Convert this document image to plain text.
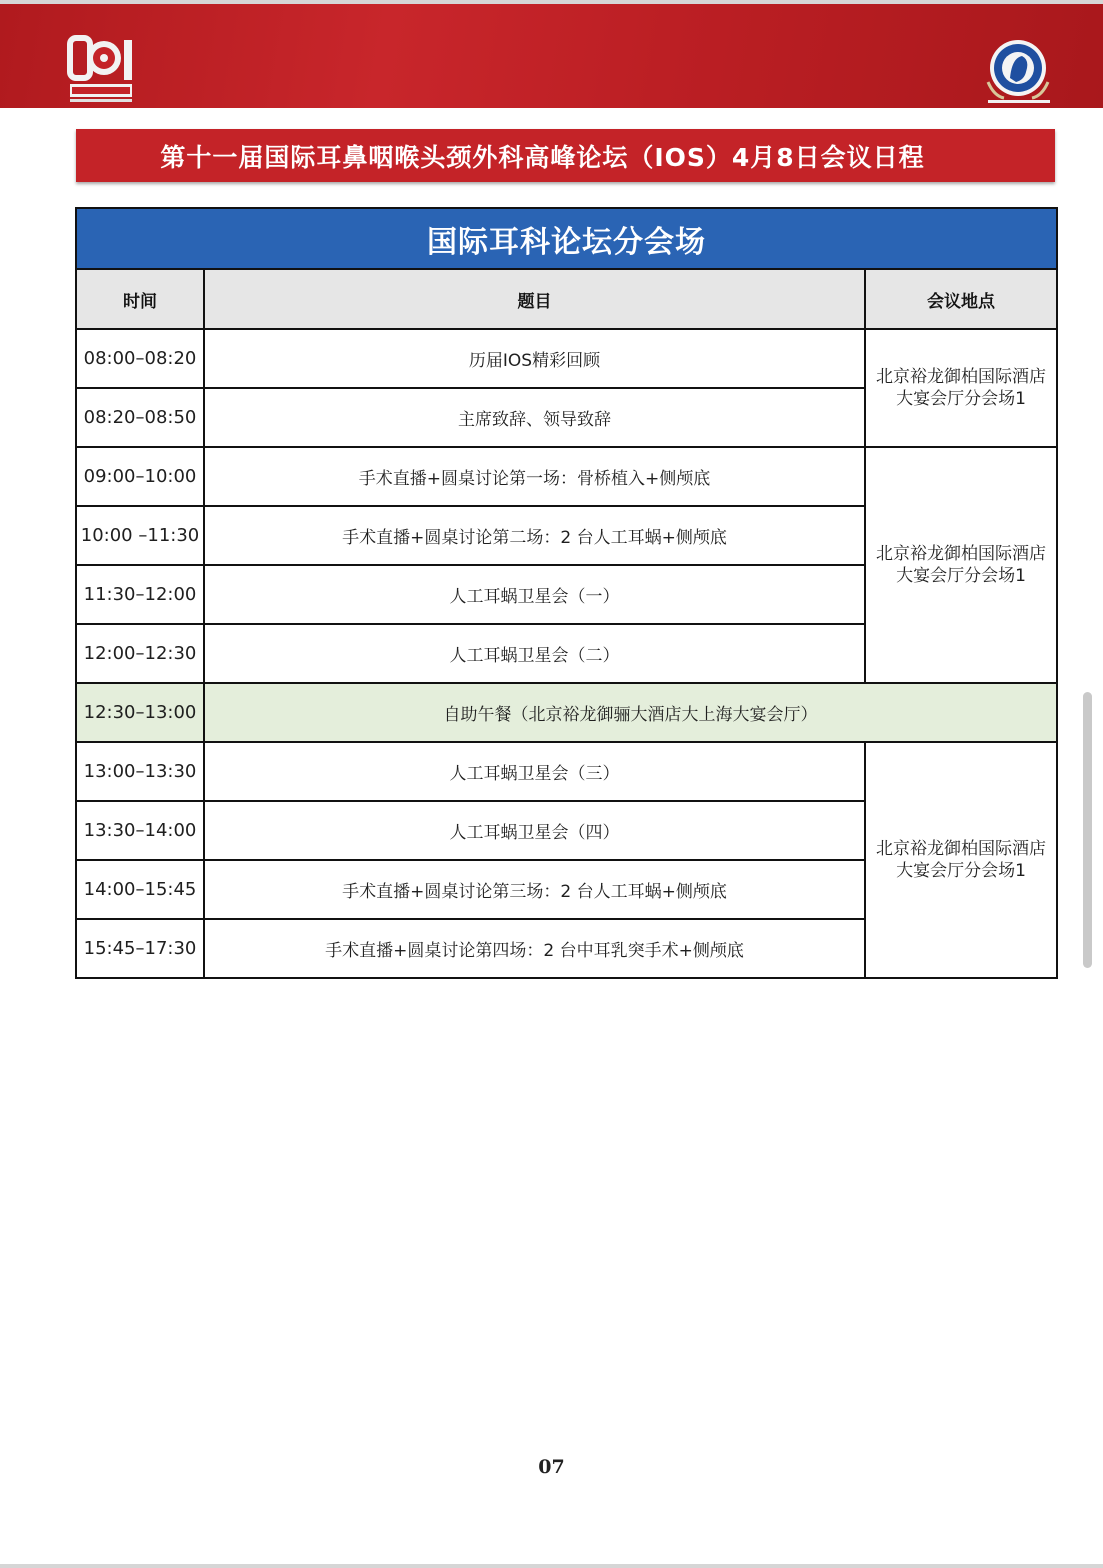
第十一届国际耳鼻咽喉头颈外科高峰论坛（IOS）4月8日会议日程
国际耳科论坛分会场		
时间	题目	会议地点
08:00–08:20	历届IOS精彩回顾	北京裕龙御柏国际酒店
大宴会厅分会场1

08:20–08:50	主席致辞、领导致辞	
09:00–10:00	手术直播+圆桌讨论第一场：骨桥植入+侧颅底	北京裕龙御柏国际酒店
大宴会厅分会场1

10:00 –11:30	手术直播+圆桌讨论第二场：2 台人工耳蜗+侧颅底	
11:30–12:00	人工耳蜗卫星会（一）	
12:00–12:30	人工耳蜗卫星会（二）	
12:30–13:00	自助午餐（北京裕龙御骊大酒店大上海大宴会厅）	
13:00–13:30	人工耳蜗卫星会（三）	北京裕龙御柏国际酒店
大宴会厅分会场1

13:30–14:00	人工耳蜗卫星会（四）	
14:00–15:45	手术直播+圆桌讨论第三场：2 台人工耳蜗+侧颅底	
15:45–17:30	手术直播+圆桌讨论第四场：2 台中耳乳突手术+侧颅底	
07
